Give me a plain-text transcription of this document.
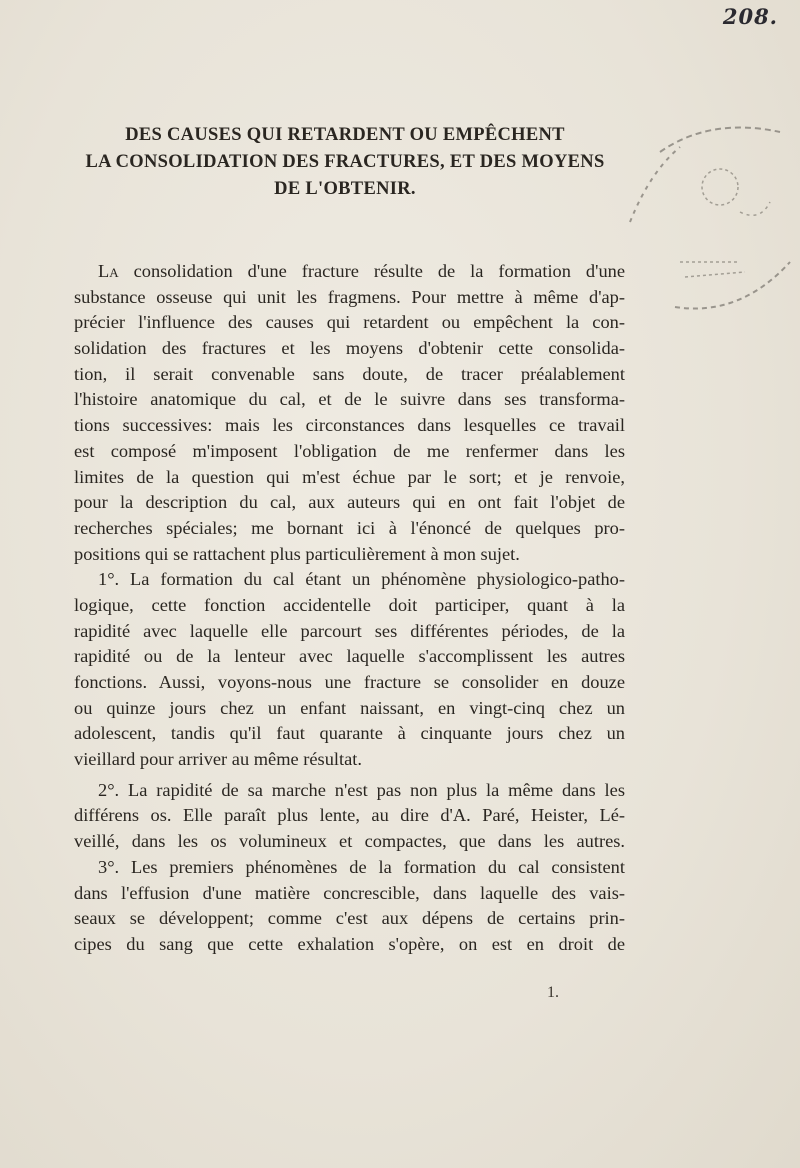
208.
DES CAUSES QUI RETARDENT OU EMPÊCHENT
LA CONSOLIDATION DES FRACTURES, ET DES MOYENS
DE L'OBTENIR.
La consolidation d'une fracture résulte de la formation d'une
substance osseuse qui unit les fragmens. Pour mettre à même d'ap-
précier l'influence des causes qui retardent ou empêchent la con-
solidation des fractures et les moyens d'obtenir cette consolida-
tion, il serait convenable sans doute, de tracer préalablement
l'histoire anatomique du cal, et de le suivre dans ses transforma-
tions successives: mais les circonstances dans lesquelles ce travail
est composé m'imposent l'obligation de me renfermer dans les
limites de la question qui m'est échue par le sort; et je renvoie,
pour la description du cal, aux auteurs qui en ont fait l'objet de
recherches spéciales; me bornant ici à l'énoncé de quelques pro-
positions qui se rattachent plus particulièrement à mon sujet.
1°. La formation du cal étant un phénomène physiologico-patho-
logique, cette fonction accidentelle doit participer, quant à la
rapidité avec laquelle elle parcourt ses différentes périodes, de la
rapidité ou de la lenteur avec laquelle s'accomplissent les autres
fonctions. Aussi, voyons-nous une fracture se consolider en douze
ou quinze jours chez un enfant naissant, en vingt-cinq chez un
adolescent, tandis qu'il faut quarante à cinquante jours chez un
vieillard pour arriver au même résultat.
2°. La rapidité de sa marche n'est pas non plus la même dans les
différens os. Elle paraît plus lente, au dire d'A. Paré, Heister, Lé-
veillé, dans les os volumineux et compactes, que dans les autres.
3°. Les premiers phénomènes de la formation du cal consistent
dans l'effusion d'une matière concrescible, dans laquelle des vais-
seaux se développent; comme c'est aux dépens de certains prin-
cipes du sang que cette exhalation s'opère, on est en droit de
1.
